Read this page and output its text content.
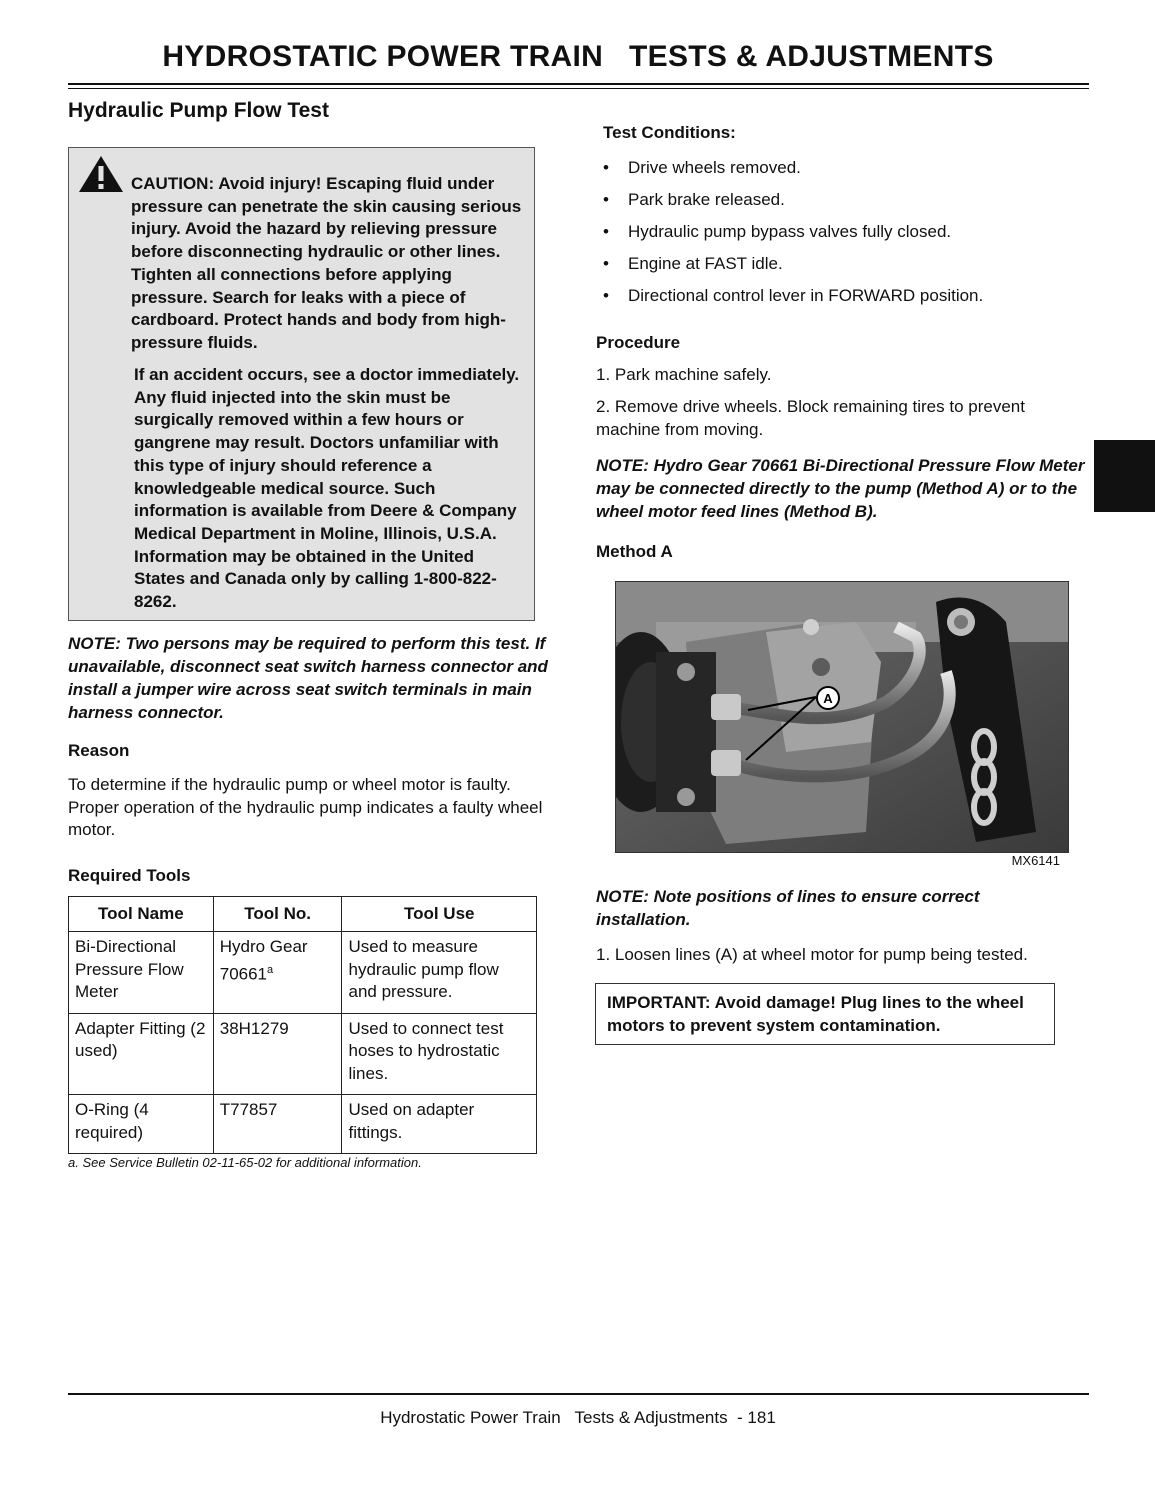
HYDROSTATIC POWER TRAIN   TESTS & ADJUSTMENTS
Hydraulic Pump Flow Test
CAUTION: Avoid injury! Escaping fluid under pressure can penetrate the skin causing serious injury. Avoid the hazard by relieving pressure before disconnecting hydraulic or other lines. Tighten all connections before applying pressure. Search for leaks with a piece of cardboard. Protect hands and body from high-pressure fluids.
If an accident occurs, see a doctor immediately. Any fluid injected into the skin must be surgically removed within a few hours or gangrene may result. Doctors unfamiliar with this type of injury should reference a knowledgeable medical source. Such information is available from Deere & Company Medical Department in Moline, Illinois, U.S.A. Information may be obtained in the United States and Canada only by calling 1-800-822-8262.
NOTE: Two persons may be required to perform this test. If unavailable, disconnect seat switch harness connector and install a jumper wire across seat switch terminals in main harness connector.
Reason
To determine if the hydraulic pump or wheel motor is faulty. Proper operation of the hydraulic pump indicates a faulty wheel motor.
Required Tools
Tool Name	Tool No.	Tool Use
Bi-Directional Pressure Flow Meter	Hydro Gear 70661$^a$	Used to measure hydraulic pump flow and pressure.
Adapter Fitting (2 used)	38H1279	Used to connect test hoses to hydrostatic lines.
O-Ring (4 required)	T77857	Used on adapter fittings.
a. See Service Bulletin 02-11-65-02 for additional information.
Test Conditions:
• Drive wheels removed.
• Park brake released.
• Hydraulic pump bypass valves fully closed.
• Engine at FAST idle.
• Directional control lever in FORWARD position.
Procedure
1. Park machine safely.
2. Remove drive wheels. Block remaining tires to prevent machine from moving.
NOTE: Hydro Gear 70661 Bi-Directional Pressure Flow Meter may be connected directly to the pump (Method A) or to the wheel motor feed lines (Method B).
Method A
A
MX6141
NOTE: Note positions of lines to ensure correct installation.
1. Loosen lines (A) at wheel motor for pump being tested.
IMPORTANT: Avoid damage! Plug lines to the wheel motors to prevent system contamination.
Hydrostatic Power Train   Tests & Adjustments  - 181
